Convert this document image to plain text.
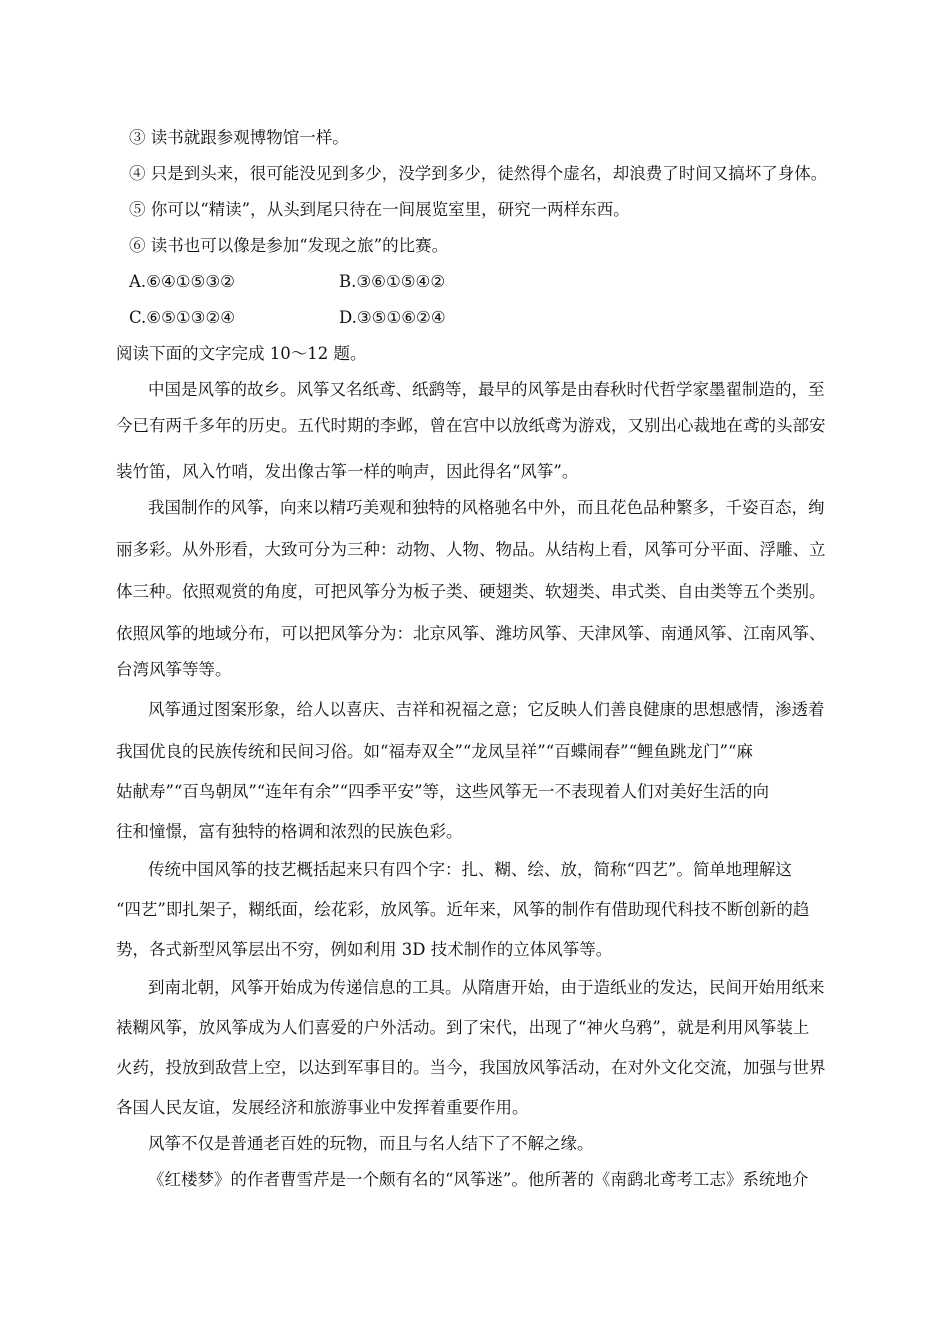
③ 读书就跟参观博物馆一样。
④ 只是到头来，很可能没见到多少，没学到多少，徒然得个虚名，却浪费了时间又搞坏了身体。
⑤ 你可以“精读”，从头到尾只待在一间展览室里，研究一两样东西。
⑥ 读书也可以像是参加“发现之旅”的比赛。
A.⑥④①⑤③②	B.③⑥①⑤④②
C.⑥⑤①③②④	D.③⑤①⑥②④
阅读下面的文字完成 10～12 题。
中国是风筝的故乡。风筝又名纸鸢、纸鹞等，最早的风筝是由春秋时代哲学家墨翟制造的，至
今已有两千多年的历史。五代时期的李邺，曾在宫中以放纸鸢为游戏，又别出心裁地在鸢的头部安
装竹笛，风入竹哨，发出像古筝一样的响声，因此得名“风筝”。
我国制作的风筝，向来以精巧美观和独特的风格驰名中外，而且花色品种繁多，千姿百态，绚
丽多彩。从外形看，大致可分为三种：动物、人物、物品。从结构上看，风筝可分平面、浮雕、立
体三种。依照观赏的角度，可把风筝分为板子类、硬翅类、软翅类、串式类、自由类等五个类别。
依照风筝的地域分布，可以把风筝分为：北京风筝、潍坊风筝、天津风筝、南通风筝、江南风筝、
台湾风筝等等。
风筝通过图案形象，给人以喜庆、吉祥和祝福之意；它反映人们善良健康的思想感情，渗透着
我国优良的民族传统和民间习俗。如“福寿双全”“龙凤呈祥”“百蝶闹春”“鲤鱼跳龙门”“麻
姑献寿”“百鸟朝凤”“连年有余”“四季平安”等，这些风筝无一不表现着人们对美好生活的向
往和憧憬，富有独特的格调和浓烈的民族色彩。
传统中国风筝的技艺概括起来只有四个字：扎、糊、绘、放，简称“四艺”。简单地理解这
“四艺”即扎架子，糊纸面，绘花彩，放风筝。近年来，风筝的制作有借助现代科技不断创新的趋
势，各式新型风筝层出不穷，例如利用 3D 技术制作的立体风筝等。
到南北朝，风筝开始成为传递信息的工具。从隋唐开始，由于造纸业的发达，民间开始用纸来
裱糊风筝，放风筝成为人们喜爱的户外活动。到了宋代，出现了“神火乌鸦”，就是利用风筝装上
火药，投放到敌营上空，以达到军事目的。当今，我国放风筝活动，在对外文化交流，加强与世界
各国人民友谊，发展经济和旅游事业中发挥着重要作用。
风筝不仅是普通老百姓的玩物，而且与名人结下了不解之缘。
《红楼梦》的作者曹雪芹是一个颇有名的“风筝迷”。他所著的《南鹞北鸢考工志》系统地介
